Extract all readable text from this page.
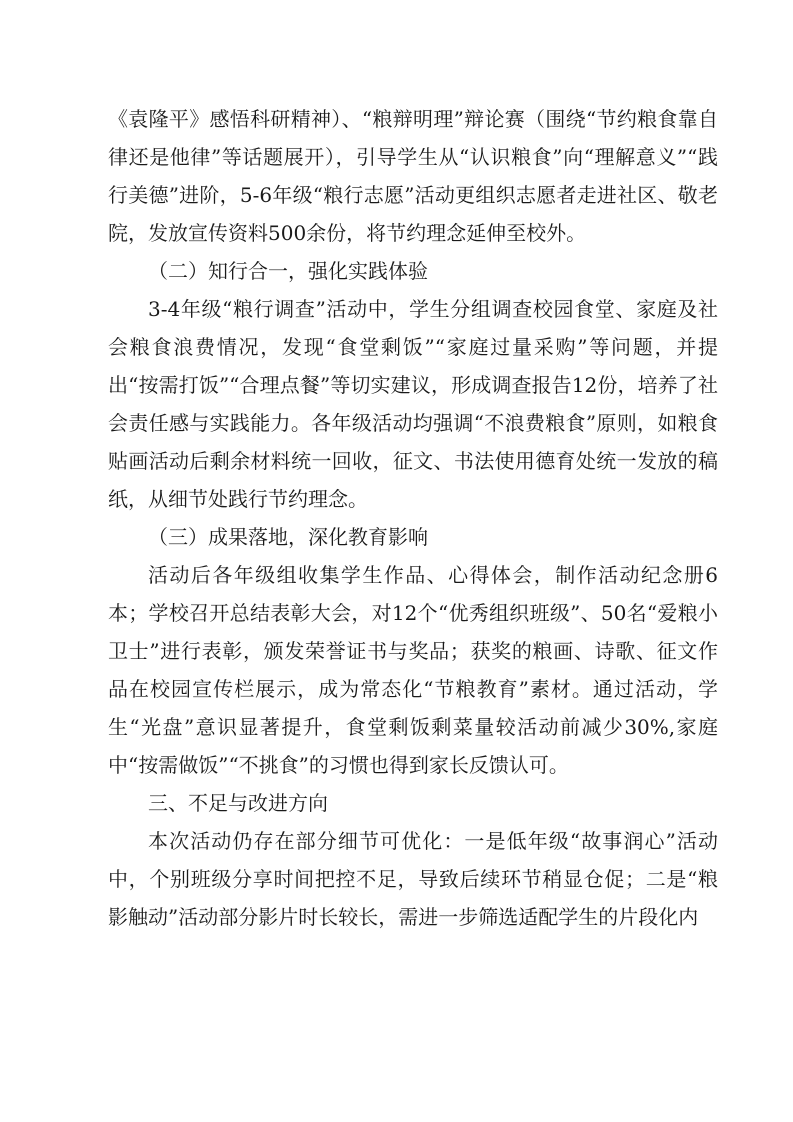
《袁隆平》感悟科研精神）、“粮辩明理”辩论赛（围绕“节约粮食靠自律还是他律”等话题展开），引导学生从“认识粮食”向“理解意义”“践行美德”进阶，5-6年级“粮行志愿”活动更组织志愿者走进社区、敬老院，发放宣传资料500余份，将节约理念延伸至校外。

（二）知行合一，强化实践体验

3-4年级“粮行调查”活动中，学生分组调查校园食堂、家庭及社会粮食浪费情况，发现“食堂剩饭”“家庭过量采购”等问题，并提出“按需打饭”“合理点餐”等切实建议，形成调查报告12份，培养了社会责任感与实践能力。各年级活动均强调“不浪费粮食”原则，如粮食贴画活动后剩余材料统一回收，征文、书法使用德育处统一发放的稿纸，从细节处践行节约理念。

（三）成果落地，深化教育影响

活动后各年级组收集学生作品、心得体会，制作活动纪念册6本；学校召开总结表彰大会，对12个“优秀组织班级”、50名“爱粮小卫士”进行表彰，颁发荣誉证书与奖品；获奖的粮画、诗歌、征文作品在校园宣传栏展示，成为常态化“节粮教育”素材。通过活动，学生“光盘”意识显著提升，食堂剩饭剩菜量较活动前减少30%,家庭中“按需做饭”“不挑食”的习惯也得到家长反馈认可。

三、不足与改进方向

本次活动仍存在部分细节可优化：一是低年级“故事润心”活动中，个别班级分享时间把控不足，导致后续环节稍显仓促；二是“粮影触动”活动部分影片时长较长，需进一步筛选适配学生的片段化内
